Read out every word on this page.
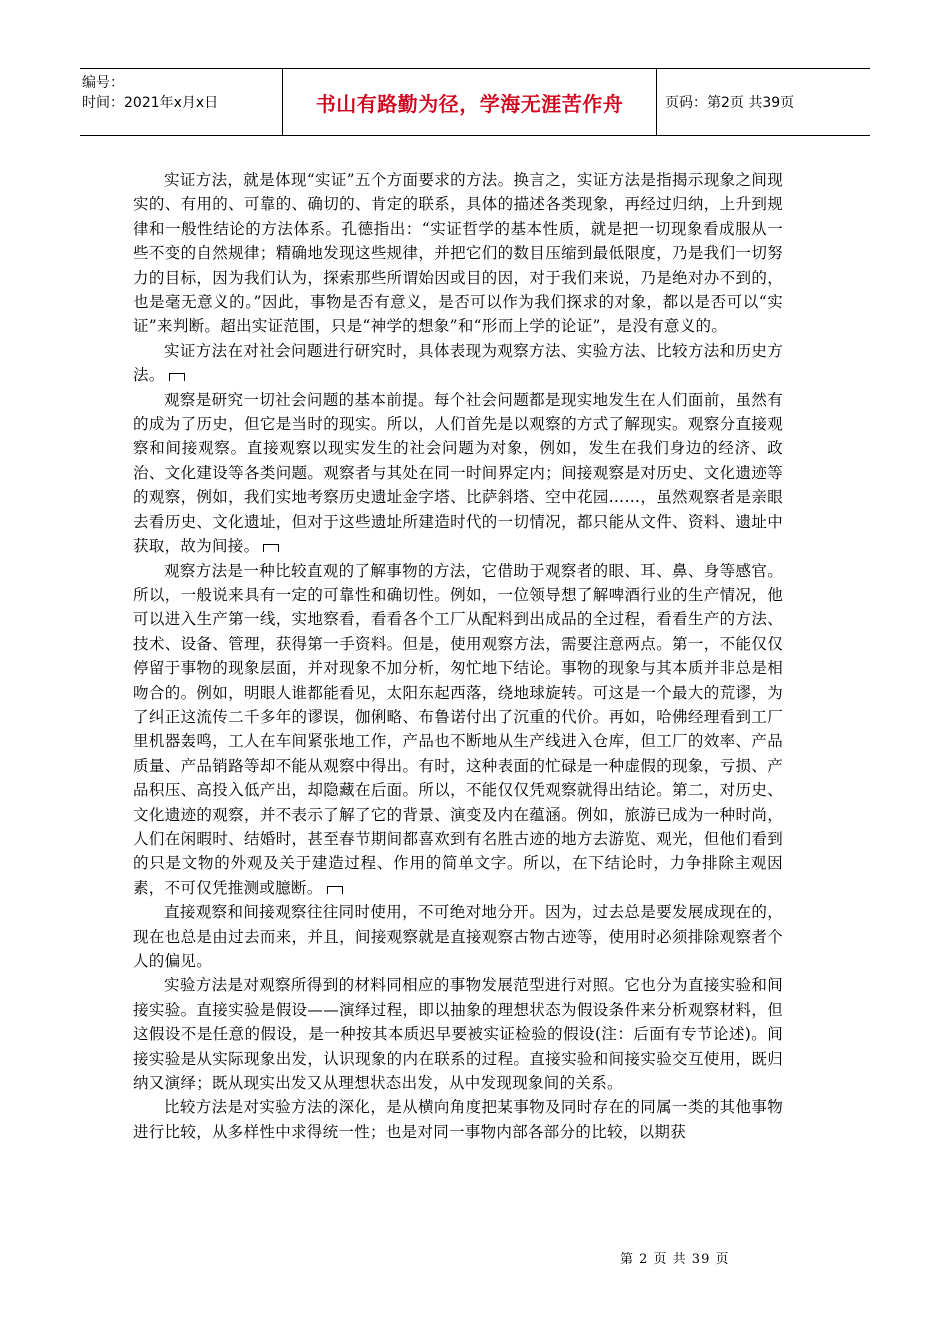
编号：
时间：2021年x月x日	书山有路勤为径，学海无涯苦作舟	页码：第2页 共39页

实证方法，就是体现“实证”五个方面要求的方法。换言之，实证方法是指揭示现象之间现实的、有用的、可靠的、确切的、肯定的联系，具体的描述各类现象，再经过归纳，上升到规律和一般性结论的方法体系。孔德指出：“实证哲学的基本性质，就是把一切现象看成服从一些不变的自然规律；精确地发现这些规律，并把它们的数目压缩到最低限度，乃是我们一切努力的目标，因为我们认为，探索那些所谓始因或目的因，对于我们来说，乃是绝对办不到的，也是毫无意义的。”因此，事物是否有意义，是否可以作为我们探求的对象，都以是否可以“实证”来判断。超出实证范围，只是“神学的想象”和“形而上学的论证”，是没有意义的。

实证方法在对社会问题进行研究时，具体表现为观察方法、实验方法、比较方法和历史方法。

观察是研究一切社会问题的基本前提。每个社会问题都是现实地发生在人们面前，虽然有的成为了历史，但它是当时的现实。所以，人们首先是以观察的方式了解现实。观察分直接观察和间接观察。直接观察以现实发生的社会问题为对象，例如，发生在我们身边的经济、政治、文化建设等各类问题。观察者与其处在同一时间界定内；间接观察是对历史、文化遗迹等的观察，例如，我们实地考察历史遗址金字塔、比萨斜塔、空中花园……，虽然观察者是亲眼去看历史、文化遗址，但对于这些遗址所建造时代的一切情况，都只能从文件、资料、遗址中获取，故为间接。

观察方法是一种比较直观的了解事物的方法，它借助于观察者的眼、耳、鼻、身等感官。所以，一般说来具有一定的可靠性和确切性。例如，一位领导想了解啤酒行业的生产情况，他可以进入生产第一线，实地察看，看看各个工厂从配料到出成品的全过程，看看生产的方法、技术、设备、管理，获得第一手资料。但是，使用观察方法，需要注意两点。第一，不能仅仅停留于事物的现象层面，并对现象不加分析，匆忙地下结论。事物的现象与其本质并非总是相吻合的。例如，明眼人谁都能看见，太阳东起西落，绕地球旋转。可这是一个最大的荒谬，为了纠正这流传二千多年的谬误，伽俐略、布鲁诺付出了沉重的代价。再如，哈佛经理看到工厂里机器轰鸣，工人在车间紧张地工作，产品也不断地从生产线进入仓库，但工厂的效率、产品质量、产品销路等却不能从观察中得出。有时，这种表面的忙碌是一种虚假的现象，亏损、产品积压、高投入低产出，却隐藏在后面。所以，不能仅仅凭观察就得出结论。第二，对历史、文化遗迹的观察，并不表示了解了它的背景、演变及内在蕴涵。例如，旅游已成为一种时尚，人们在闲暇时、结婚时，甚至春节期间都喜欢到有名胜古迹的地方去游览、观光，但他们看到的只是文物的外观及关于建造过程、作用的简单文字。所以，在下结论时，力争排除主观因素，不可仅凭推测或臆断。

直接观察和间接观察往往同时使用，不可绝对地分开。因为，过去总是要发展成现在的，现在也总是由过去而来，并且，间接观察就是直接观察古物古迹等，使用时必须排除观察者个人的偏见。

实验方法是对观察所得到的材料同相应的事物发展范型进行对照。它也分为直接实验和间接实验。直接实验是假设——演绎过程，即以抽象的理想状态为假设条件来分析观察材料，但这假设不是任意的假设，是一种按其本质迟早要被实证检验的假设(注：后面有专节论述)。间接实验是从实际现象出发，认识现象的内在联系的过程。直接实验和间接实验交互使用，既归纳又演绎；既从现实出发又从理想状态出发，从中发现现象间的关系。

比较方法是对实验方法的深化，是从横向角度把某事物及同时存在的同属一类的其他事物进行比较，从多样性中求得统一性；也是对同一事物内部各部分的比较，以期获

第 2 页 共 39 页
